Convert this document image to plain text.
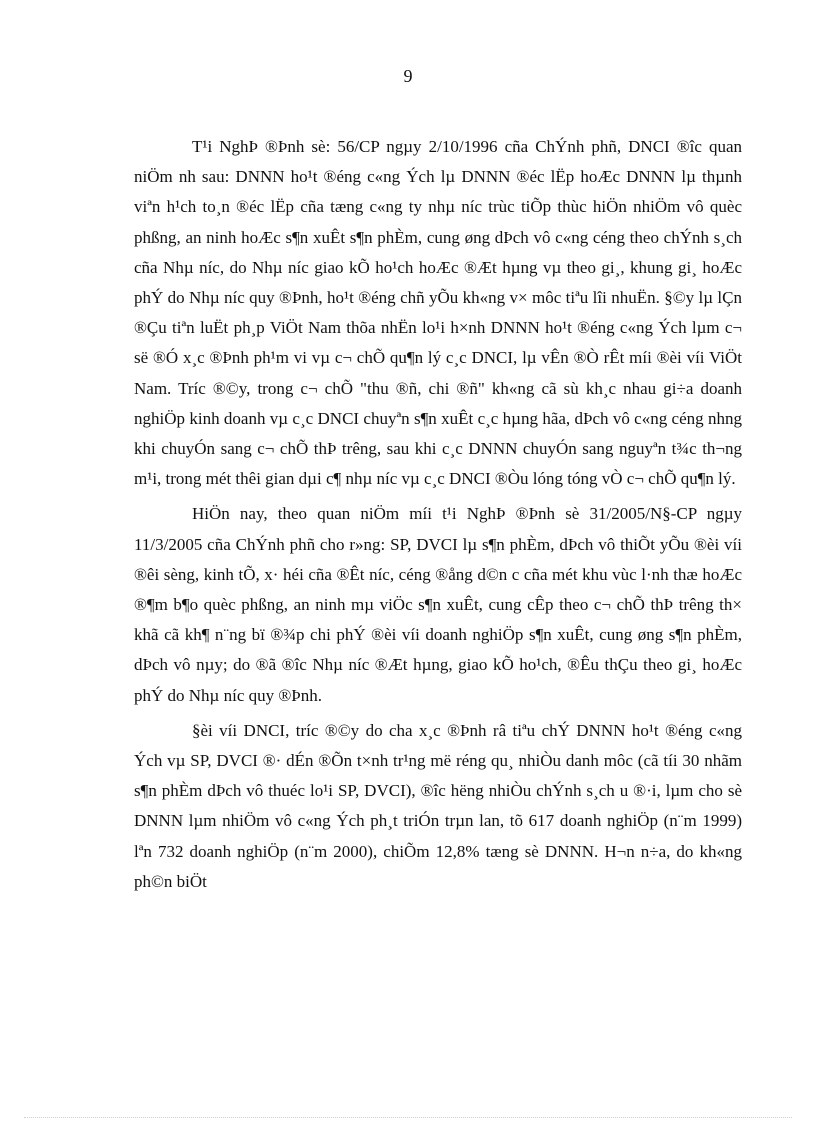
9

T¹i NghÞ ®Þnh sè: 56/CP ngµy 2/10/1996 cña ChÝnh phñ, DNCI ®îc quan niÖm nh sau: DNNN ho¹t ®éng c«ng Ých lµ DNNN ®éc lËp hoÆc DNNN lµ thµnh viªn h¹ch to¸n ®éc lËp cña tæng c«ng ty nhµ níc trùc tiÕp thùc hiÖn nhiÖm vô quèc phßng, an ninh hoÆc s¶n xuÊt s¶n phÈm, cung øng dÞch vô c«ng céng theo chÝnh s¸ch cña Nhµ níc, do Nhµ níc giao kÕ ho¹ch hoÆc ®Æt hµng vµ theo gi¸, khung gi¸ hoÆc phÝ do Nhµ níc quy ®Þnh, ho¹t ®éng chñ yÕu kh«ng v× môc tiªu lîi nhuËn. §©y lµ lÇn ®Çu tiªn luËt ph¸p ViÖt Nam thõa nhËn lo¹i h×nh DNNN ho¹t ®éng c«ng Ých lµm c¬ së ®Ó x¸c ®Þnh ph¹m vi vµ c¬ chÕ qu¶n lý c¸c DNCI, lµ vÊn ®Ò rÊt míi ®èi víi ViÖt Nam. Tríc ®©y, trong c¬ chÕ "thu ®ñ, chi ®ñ" kh«ng cã sù kh¸c nhau gi÷a doanh nghiÖp kinh doanh vµ c¸c DNCI chuyªn s¶n xuÊt c¸c hµng hãa, dÞch vô c«ng céng nhng khi chuyÓn sang c¬ chÕ thÞ trêng, sau khi c¸c DNNN chuyÓn sang nguyªn t¾c th¬ng m¹i, trong mét thêi gian dµi c¶ nhµ níc vµ c¸c DNCI ®Òu lóng tóng vÒ c¬ chÕ qu¶n lý.

HiÖn nay, theo quan niÖm míi t¹i NghÞ ®Þnh sè 31/2005/N§-CP ngµy 11/3/2005 cña ChÝnh phñ cho r»ng: SP, DVCI lµ s¶n phÈm, dÞch vô thiÕt yÕu ®èi víi ®êi sèng, kinh tÕ, x· héi cña ®Êt níc, céng ®ång d©n c cña mét khu vùc l·nh thæ hoÆc ®¶m b¶o quèc phßng, an ninh mµ viÖc s¶n xuÊt, cung cÊp theo c¬ chÕ thÞ trêng th× khã cã kh¶ n¨ng bï ®¾p chi phÝ ®èi víi doanh nghiÖp s¶n xuÊt, cung øng s¶n phÈm, dÞch vô nµy; do ®ã ®îc Nhµ níc ®Æt hµng, giao kÕ ho¹ch, ®Êu thÇu theo gi¸ hoÆc phÝ do Nhµ níc quy ®Þnh.

§èi víi DNCI, tríc ®©y do cha x¸c ®Þnh râ tiªu chÝ DNNN ho¹t ®éng c«ng Ých vµ SP, DVCI ®· dÉn ®Õn t×nh tr¹ng më réng qu¸ nhiÒu danh môc (cã tíi 30 nhãm s¶n phÈm dÞch vô thuéc lo¹i SP, DVCI), ®îc hëng nhiÒu chÝnh s¸ch u ®·i, lµm cho sè DNNN lµm nhiÖm vô c«ng Ých ph¸t triÓn trµn lan, tõ 617 doanh nghiÖp (n¨m 1999) lªn 732 doanh nghiÖp (n¨m 2000), chiÕm 12,8% tæng sè DNNN. H¬n n÷a, do kh«ng ph©n biÖt
